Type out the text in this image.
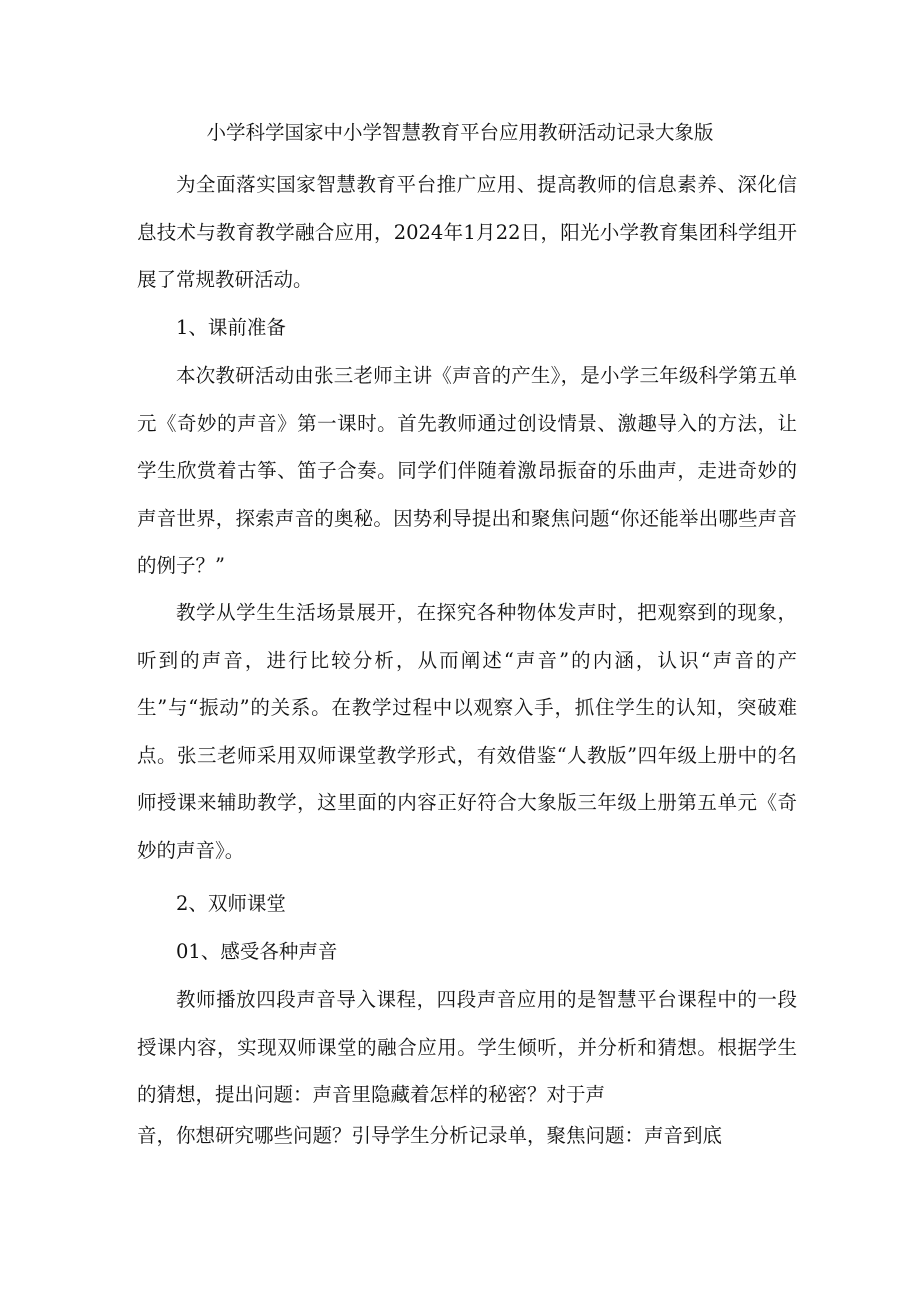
小学科学国家中小学智慧教育平台应用教研活动记录大象版

为全面落实国家智慧教育平台推广应用、提高教师的信息素养、深化信息技术与教育教学融合应用，2024年1月22日，阳光小学教育集团科学组开展了常规教研活动。

1、课前准备

本次教研活动由张三老师主讲《声音的产生》，是小学三年级科学第五单元《奇妙的声音》第一课时。首先教师通过创设情景、激趣导入的方法，让学生欣赏着古筝、笛子合奏。同学们伴随着激昂振奋的乐曲声，走进奇妙的声音世界，探索声音的奥秘。因势利导提出和聚焦问题“你还能举出哪些声音的例子？”

教学从学生生活场景展开，在探究各种物体发声时，把观察到的现象，听到的声音，进行比较分析，从而阐述“声音”的内涵，认识“声音的产生”与“振动”的关系。在教学过程中以观察入手，抓住学生的认知，突破难点。张三老师采用双师课堂教学形式，有效借鉴“人教版”四年级上册中的名师授课来辅助教学，这里面的内容正好符合大象版三年级上册第五单元《奇妙的声音》。

2、双师课堂
01、感受各种声音

教师播放四段声音导入课程，四段声音应用的是智慧平台课程中的一段授课内容，实现双师课堂的融合应用。学生倾听，并分析和猜想。根据学生的猜想，提出问题：声音里隐藏着怎样的秘密？对于声

音，你想研究哪些问题？引导学生分析记录单，聚焦问题：声音到底
